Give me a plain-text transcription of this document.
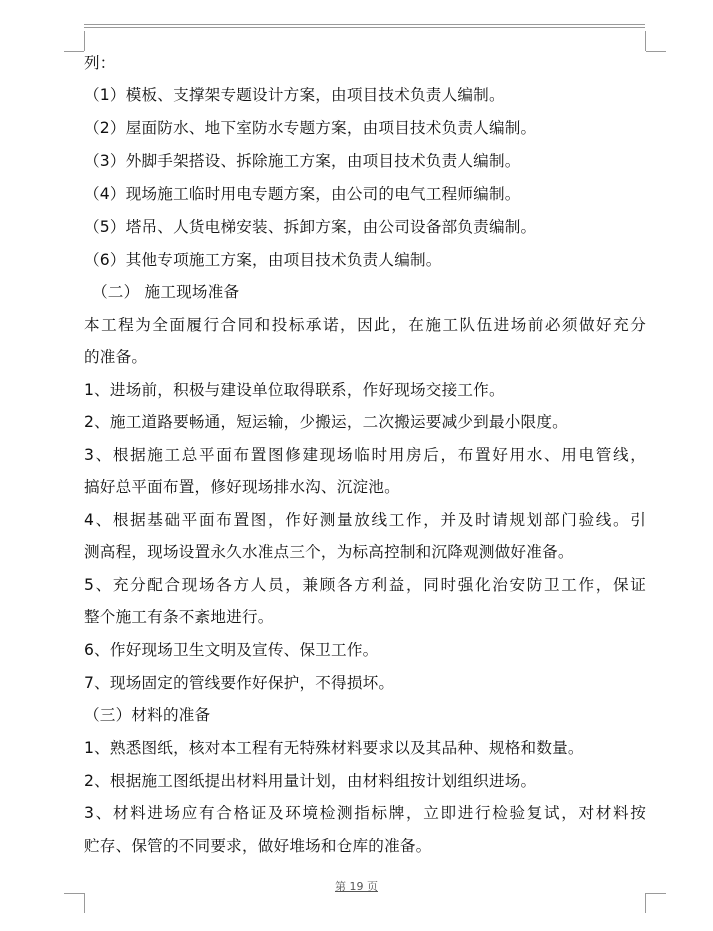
列：

（1）模板、支撑架专题设计方案，由项目技术负责人编制。

（2）屋面防水、地下室防水专题方案，由项目技术负责人编制。

（3）外脚手架搭设、拆除施工方案，由项目技术负责人编制。

（4）现场施工临时用电专题方案，由公司的电气工程师编制。

（5）塔吊、人货电梯安装、拆卸方案，由公司设备部负责编制。

（6）其他专项施工方案，由项目技术负责人编制。

（二） 施工现场准备

本工程为全面履行合同和投标承诺，因此，在施工队伍进场前必须做好充分

的准备。

1、进场前，积极与建设单位取得联系，作好现场交接工作。

2、施工道路要畅通，短运输，少搬运，二次搬运要减少到最小限度。

3、根据施工总平面布置图修建现场临时用房后，布置好用水、用电管线，

搞好总平面布置，修好现场排水沟、沉淀池。

4、根据基础平面布置图，作好测量放线工作，并及时请规划部门验线。引

测高程，现场设置永久水准点三个，为标高控制和沉降观测做好准备。

5、充分配合现场各方人员，兼顾各方利益，同时强化治安防卫工作，保证

整个施工有条不紊地进行。

6、作好现场卫生文明及宣传、保卫工作。

7、现场固定的管线要作好保护，不得损坏。

（三）材料的准备

1、熟悉图纸，核对本工程有无特殊材料要求以及其品种、规格和数量。

2、根据施工图纸提出材料用量计划，由材料组按计划组织进场。

3、材料进场应有合格证及环境检测指标牌，立即进行检验复试，对材料按

贮存、保管的不同要求，做好堆场和仓库的准备。

第 19 页
